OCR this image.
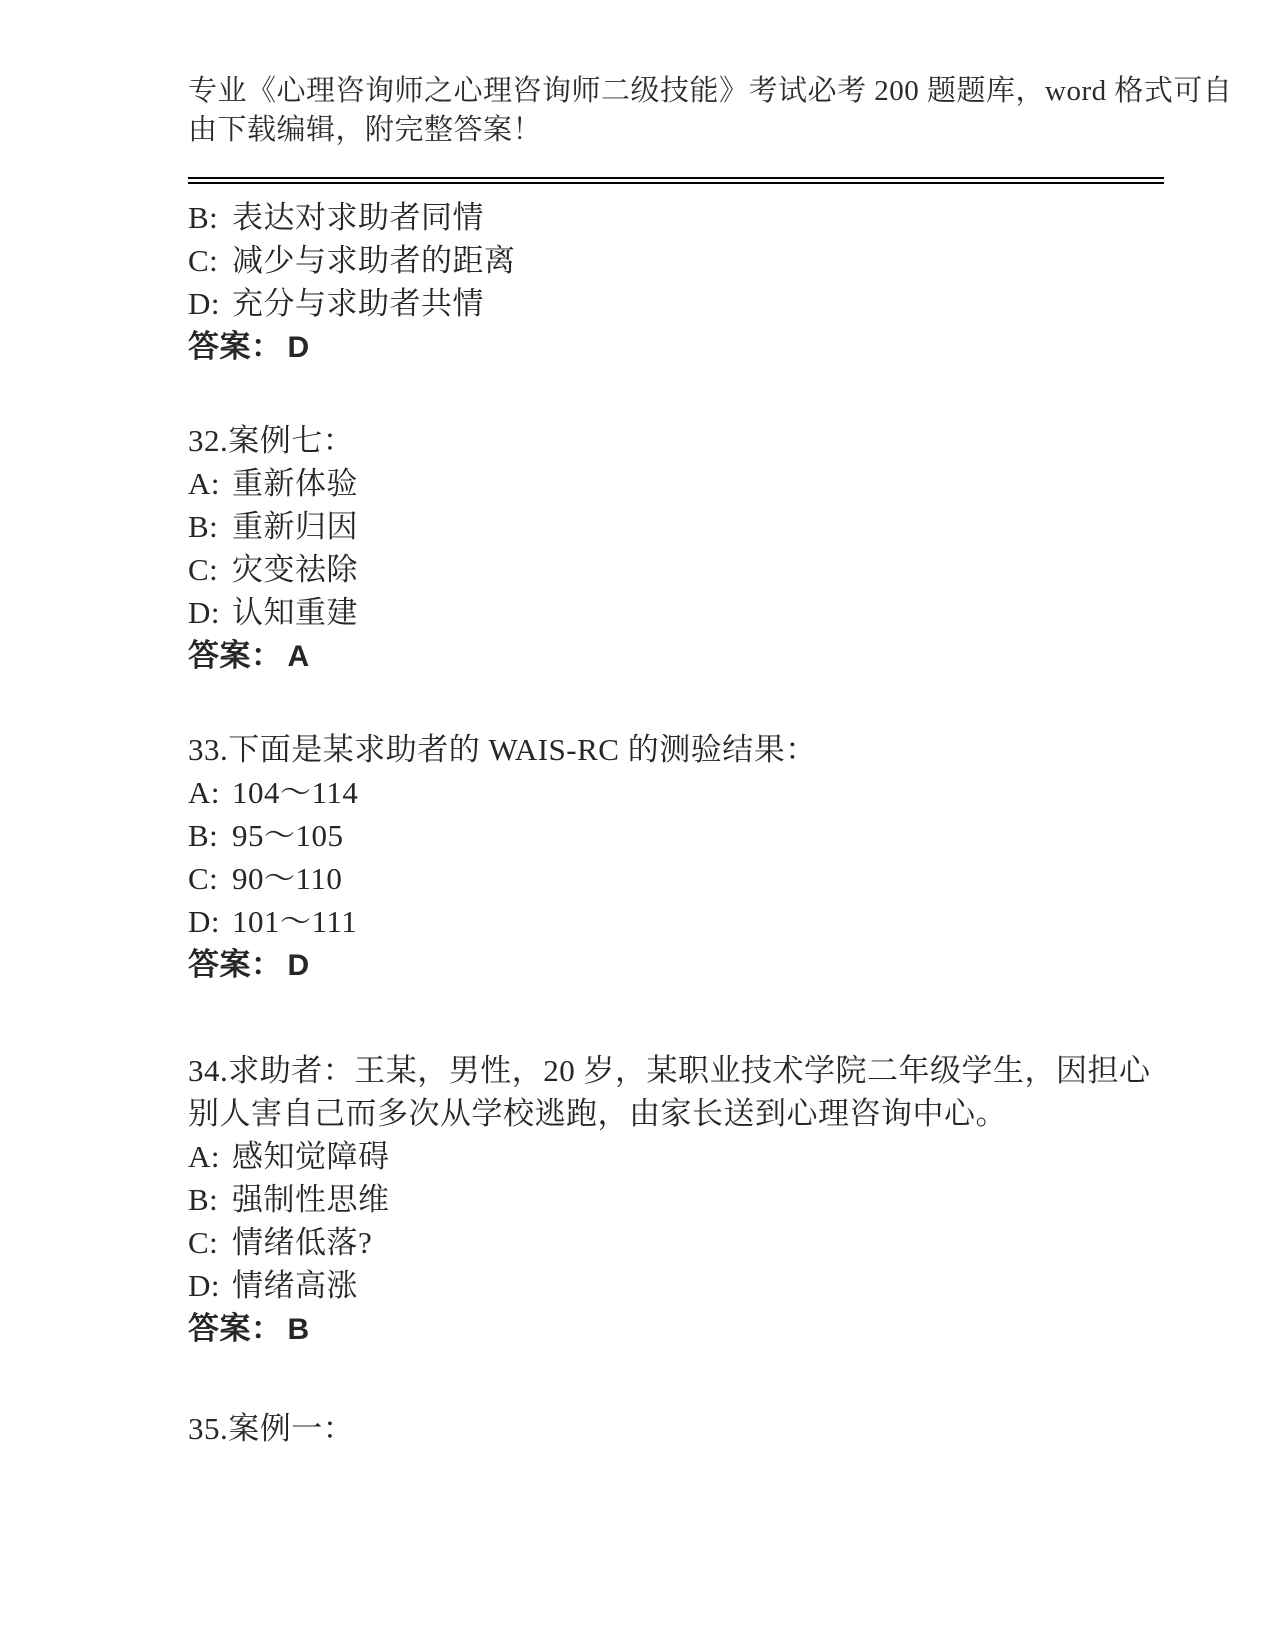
专业《心理咨询师之心理咨询师二级技能》考试必考 200 题题库，word 格式可自

由下载编辑，附完整答案！

B: 表达对求助者同情

C: 减少与求助者的距离

D: 充分与求助者共情

答案： D

32.案例七：

A: 重新体验

B: 重新归因

C: 灾变祛除

D: 认知重建

答案： A

33.下面是某求助者的 WAIS-RC 的测验结果：

A: 104～114

B: 95～105

C: 90～110

D: 101～111

答案： D

34.求助者：王某，男性，20 岁，某职业技术学院二年级学生，因担心

别人害自己而多次从学校逃跑，由家长送到心理咨询中心。

A: 感知觉障碍

B: 强制性思维

C: 情绪低落?

D: 情绪高涨

答案： B

35.案例一：
